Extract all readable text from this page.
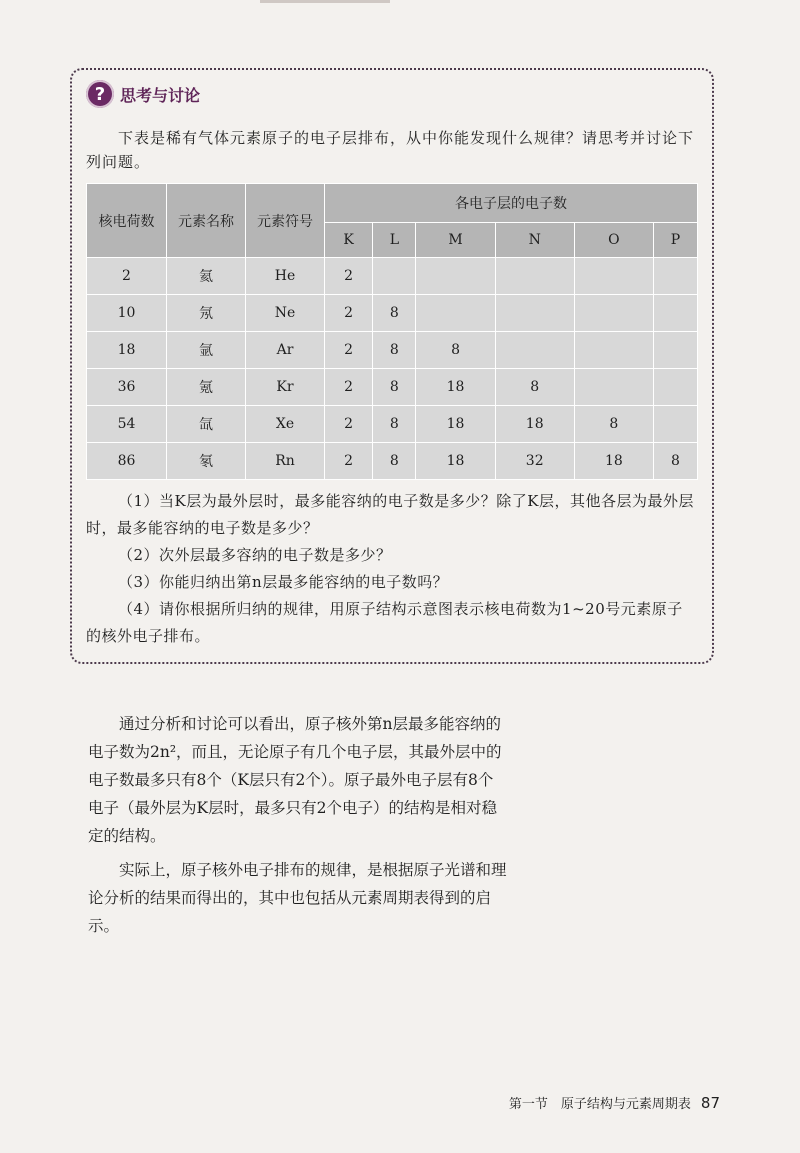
? 思考与讨论
下表是稀有气体元素原子的电子层排布，从中你能发现什么规律？请思考并讨论下列问题。
核电荷数	元素名称	元素符号	各电子层的电子数					
			K	L	M	N	O	P
2	氦	He	2					
10	氖	Ne	2	8				
18	氩	Ar	2	8	8			
36	氪	Kr	2	8	18	8		
54	氙	Xe	2	8	18	18	8	
86	氡	Rn	2	8	18	32	18	8

（1）当K层为最外层时，最多能容纳的电子数是多少？除了K层，其他各层为最外层时，最多能容纳的电子数是多少？

（2）次外层最多容纳的电子数是多少？

（3）你能归纳出第n层最多能容纳的电子数吗？

（4）请你根据所归纳的规律，用原子结构示意图表示核电荷数为1~20号元素原子的核外电子排布。

通过分析和讨论可以看出，原子核外第n层最多能容纳的电子数为2n²，而且，无论原子有几个电子层，其最外层中的电子数最多只有8个（K层只有2个）。原子最外电子层有8个电子（最外层为K层时，最多只有2个电子）的结构是相对稳定的结构。

实际上，原子核外电子排布的规律，是根据原子光谱和理论分析的结果而得出的，其中也包括从元素周期表得到的启示。

第一节　原子结构与元素周期表 87
